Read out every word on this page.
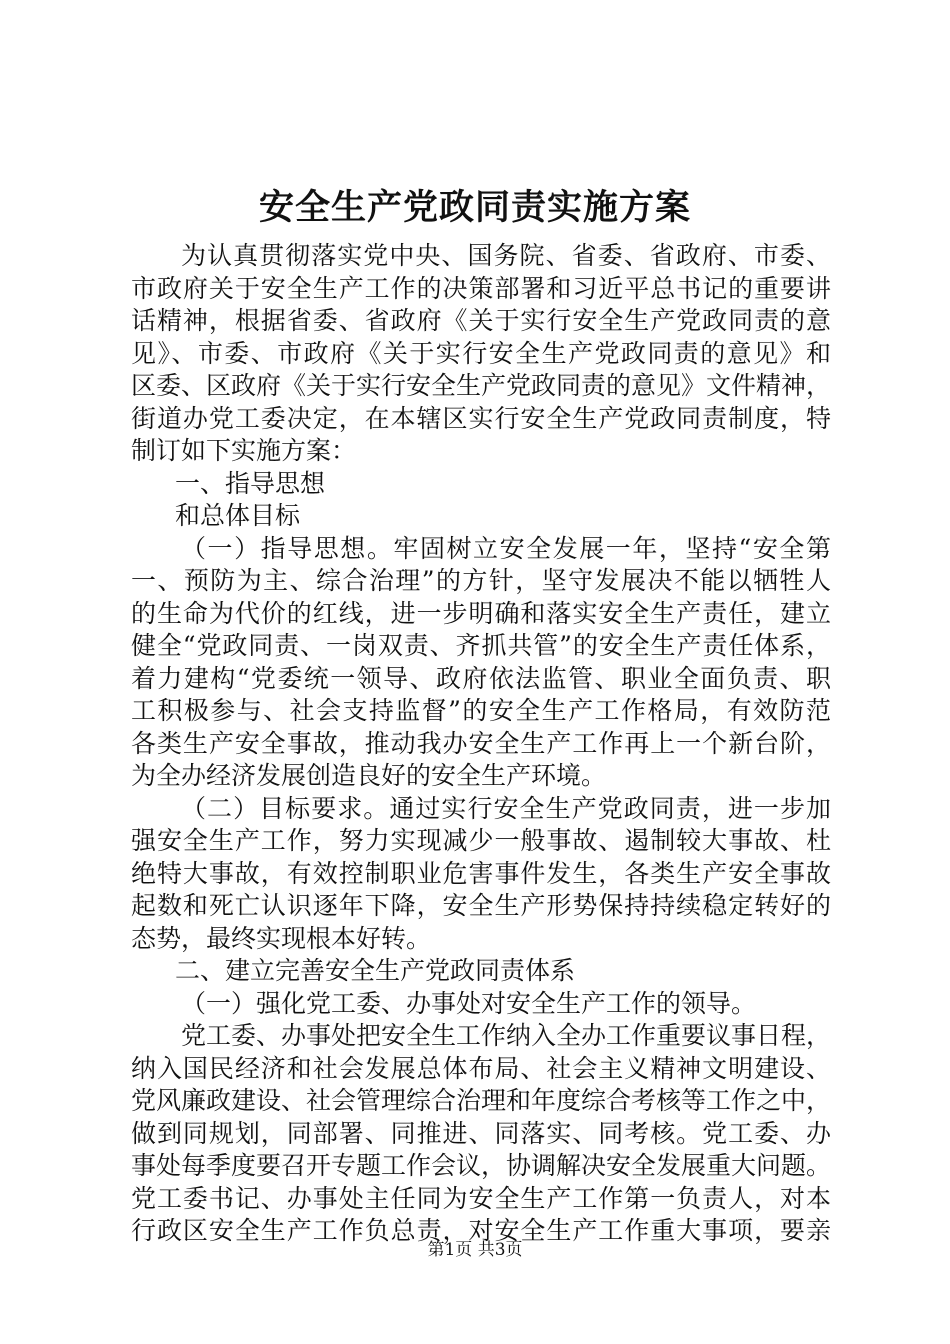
安全生产党政同责实施方案
为认真贯彻落实党中央、国务院、省委、省政府、市委、
市政府关于安全生产工作的决策部署和习近平总书记的重要讲
话精神，根据省委、省政府《关于实行安全生产党政同责的意
见》、市委、市政府《关于实行安全生产党政同责的意见》和
区委、区政府《关于实行安全生产党政同责的意见》文件精神，
街道办党工委决定，在本辖区实行安全生产党政同责制度，特
制订如下实施方案：
一、指导思想
和总体目标
（一）指导思想。牢固树立安全发展一年，坚持“安全第
一、预防为主、综合治理”的方针，坚守发展决不能以牺牲人
的生命为代价的红线，进一步明确和落实安全生产责任，建立
健全“党政同责、一岗双责、齐抓共管”的安全生产责任体系，
着力建构“党委统一领导、政府依法监管、职业全面负责、职
工积极参与、社会支持监督”的安全生产工作格局，有效防范
各类生产安全事故，推动我办安全生产工作再上一个新台阶，
为全办经济发展创造良好的安全生产环境。
（二）目标要求。通过实行安全生产党政同责，进一步加
强安全生产工作，努力实现减少一般事故、遏制较大事故、杜
绝特大事故，有效控制职业危害事件发生，各类生产安全事故
起数和死亡认识逐年下降，安全生产形势保持持续稳定转好的
态势，最终实现根本好转。
二、建立完善安全生产党政同责体系
（一）强化党工委、办事处对安全生产工作的领导。
党工委、办事处把安全生工作纳入全办工作重要议事日程，
纳入国民经济和社会发展总体布局、社会主义精神文明建设、
党风廉政建设、社会管理综合治理和年度综合考核等工作之中，
做到同规划，同部署、同推进、同落实、同考核。党工委、办
事处每季度要召开专题工作会议，协调解决安全发展重大问题。
党工委书记、办事处主任同为安全生产工作第一负责人，对本
行政区安全生产工作负总责，对安全生产工作重大事项，要亲
第1页 共3页
